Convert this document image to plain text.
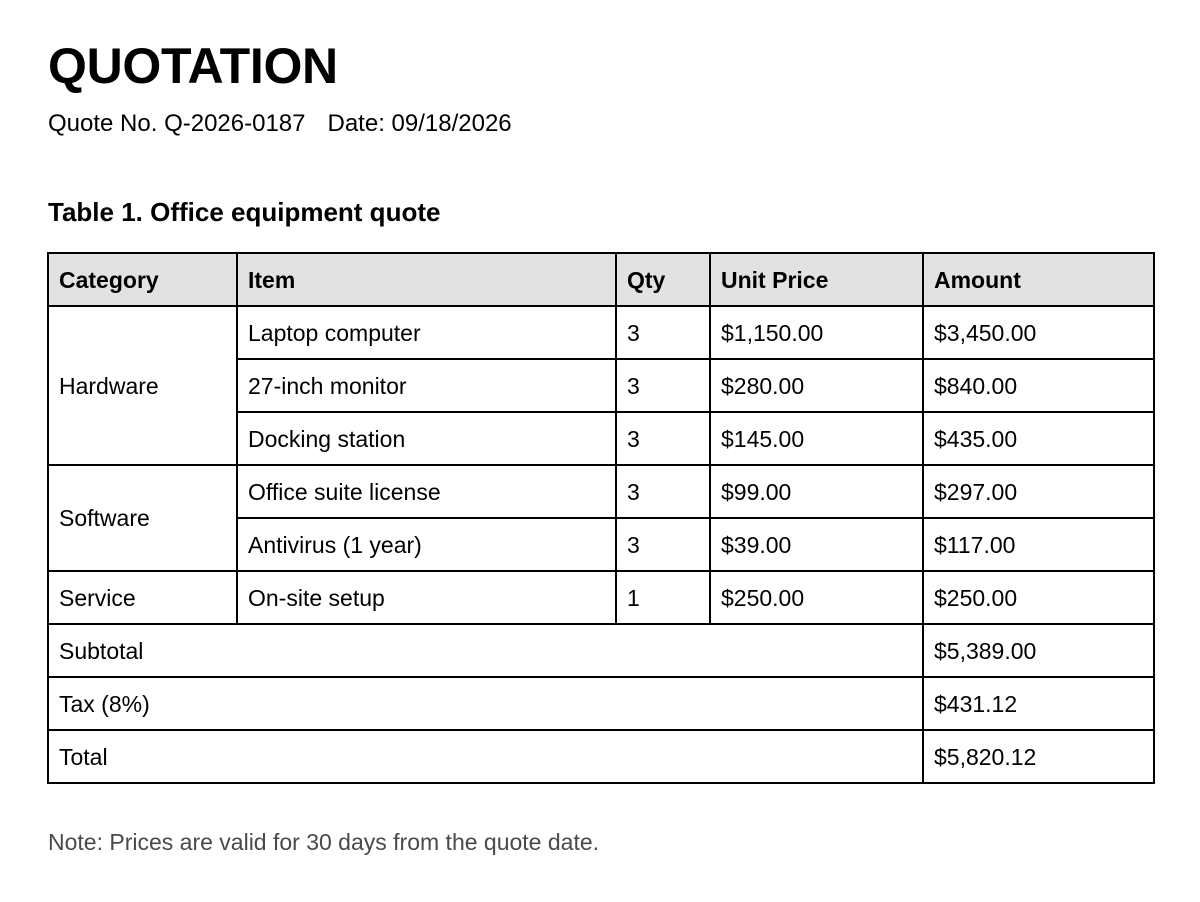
QUOTATION
Quote No. Q-2026-0187 Date: 09/18/2026
Table 1. Office equipment quote
Category	Item	Qty	Unit Price	Amount
Hardware	Laptop computer	3	$1,150.00	$3,450.00
	27-inch monitor	3	$280.00	$840.00
	Docking station	3	$145.00	$435.00
Software	Office suite license	3	$99.00	$297.00
	Antivirus (1 year)	3	$39.00	$117.00
Service	On-site setup	1	$250.00	$250.00
Subtotal				$5,389.00
Tax (8%)				$431.12
Total				$5,820.12
Note: Prices are valid for 30 days from the quote date.
